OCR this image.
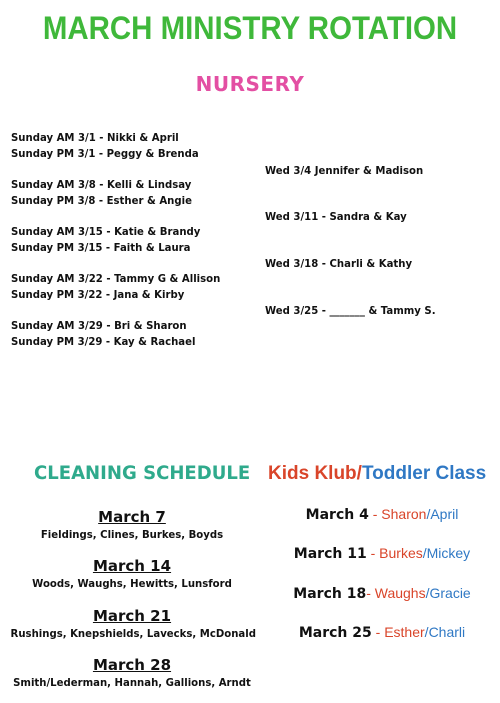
MARCH MINISTRY ROTATION
NURSERY
Sunday AM 3/1 - Nikki & April
Sunday PM 3/1 - Peggy & Brenda
Sunday AM 3/8 - Kelli & Lindsay
Sunday PM 3/8 - Esther & Angie
Sunday AM 3/15 - Katie & Brandy
Sunday PM 3/15 - Faith & Laura
Sunday AM 3/22 - Tammy G & Allison
Sunday PM 3/22 - Jana & Kirby
Sunday AM 3/29 - Bri & Sharon
Sunday PM 3/29 - Kay & Rachael
Wed 3/4 Jennifer & Madison
Wed 3/11 - Sandra & Kay
Wed 3/18 - Charli & Kathy
Wed 3/25 - _______ & Tammy S.
CLEANING SCHEDULE
March 7
Fieldings, Clines, Burkes, Boyds
March 14
Woods, Waughs, Hewitts, Lunsford
March 21
Rushings, Knepshields, Lavecks, McDonald
March 28
Smith/Lederman, Hannah, Gallions, Arndt
Kids Klub/Toddler Class
March 4 - Sharon/April
March 11 - Burkes/Mickey
March 18- Waughs/Gracie
March 25 - Esther/Charli
